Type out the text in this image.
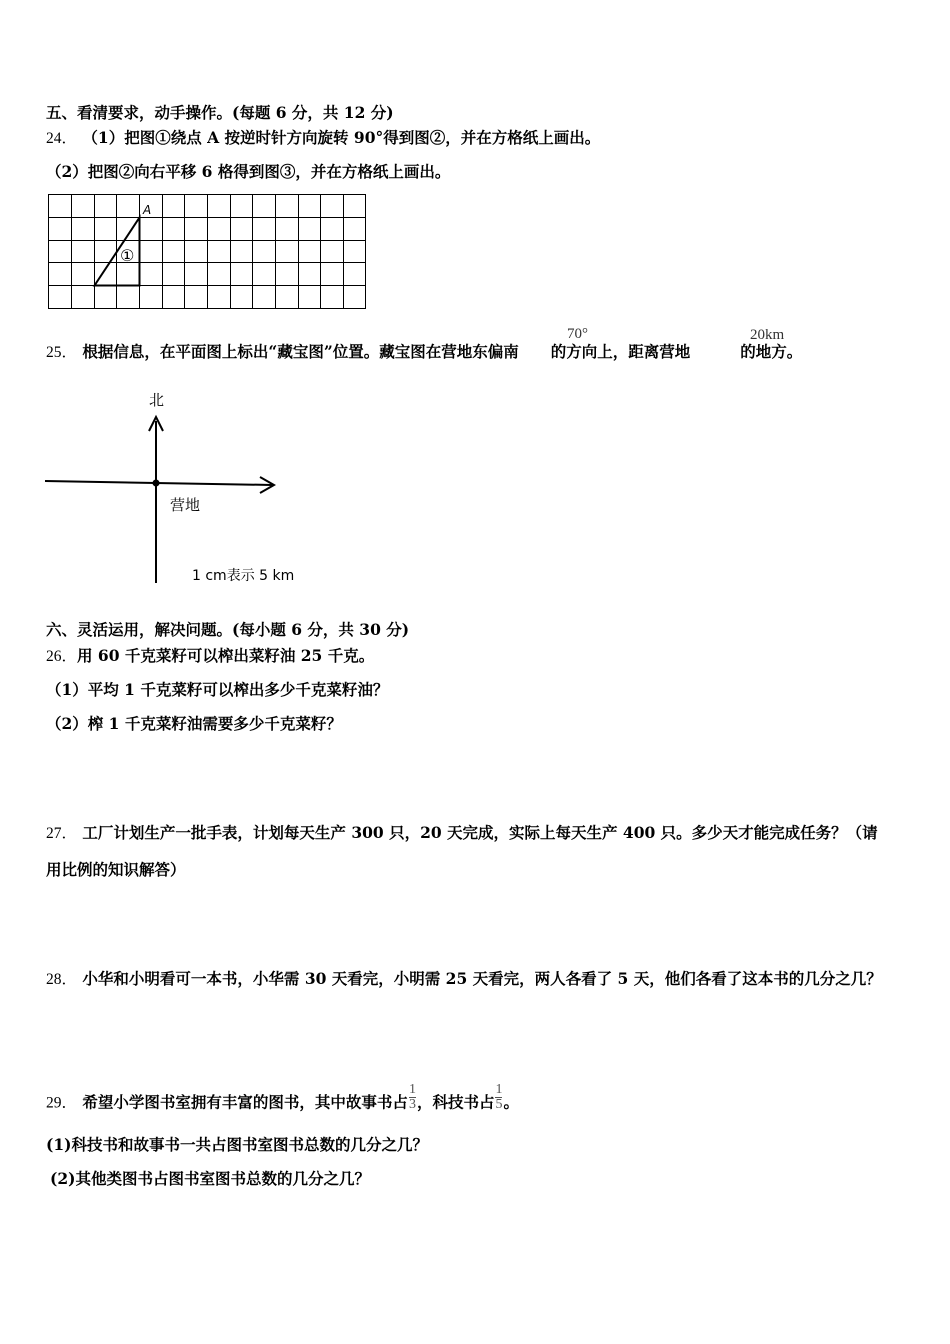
五、看清要求，动手操作。(每题 6 分，共 12 分)
24． （1）把图①绕点 A 按逆时针方向旋转 90°得到图②，并在方格纸上画出。
（2）把图②向右平移 6 格得到图③，并在方格纸上画出。
A
①
25． 根据信息，在平面图上标出“藏宝图”位置。藏宝图在营地东偏南 的方向上，距离营地	的地方。
70°	20km
北
营地
1 cm表示 5 km
六、灵活运用，解决问题。(每小题 6 分，共 30 分)
26．用 60 千克菜籽可以榨出菜籽油 25 千克。
（1）平均 1 千克菜籽可以榨出多少千克菜籽油？
（2）榨 1 千克菜籽油需要多少千克菜籽？
27． 工厂计划生产一批手表，计划每天生产 300 只，20 天完成，实际上每天生产 400 只。多少天才能完成任务？（请
用比例的知识解答）
28． 小华和小明看可一本书，小华需 30 天看完，小明需 25 天看完，两人各看了 5 天，他们各看了这本书的几分之几？
29． 希望小学图书室拥有丰富的图书，其中故事书占 $\frac{1}{3}$ ，科技书占 $\frac{1}{5}$ 。
(1)科技书和故事书一共占图书室图书总数的几分之几？
(2)其他类图书占图书室图书总数的几分之几？
